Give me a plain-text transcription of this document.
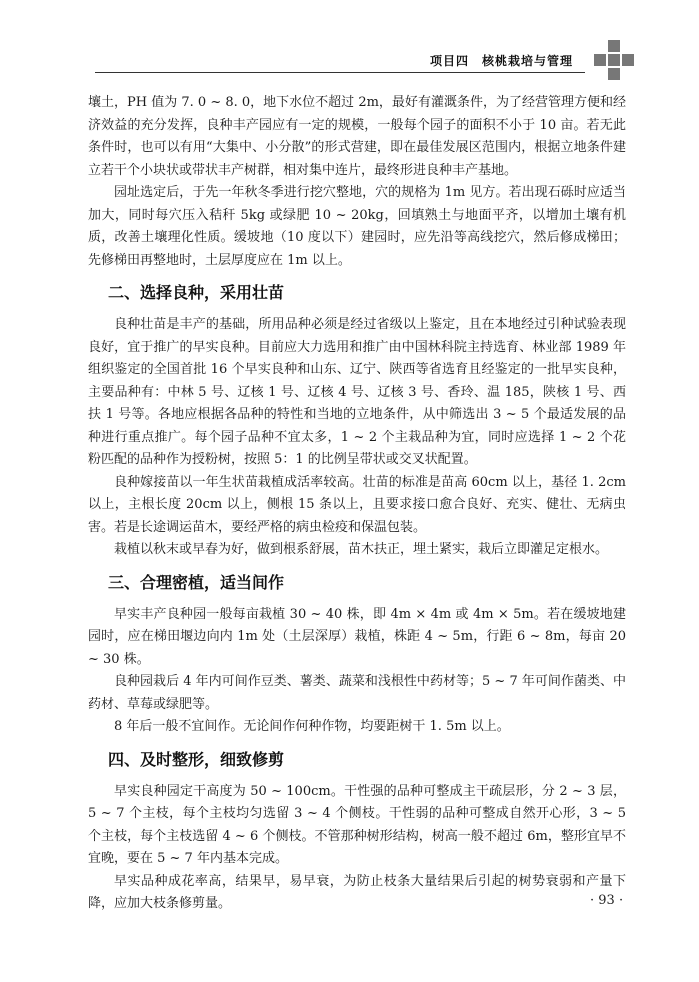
项目四　核桃栽培与管理

壤土，PH 值为 7. 0 ~ 8. 0，地下水位不超过 2m，最好有灌溉条件，为了经营管理方便和经济效益的充分发挥，良种丰产园应有一定的规模，一般每个园子的面积不小于 10 亩。若无此条件时，也可以有用“大集中、小分散”的形式营建，即在最佳发展区范围内，根据立地条件建立若干个小块状或带状丰产树群，相对集中连片，最终形进良种丰产基地。

园址选定后，于先一年秋冬季进行挖穴整地，穴的规格为 1m 见方。若出现石砾时应适当加大，同时每穴压入秸秆 5kg 或绿肥 10 ~ 20kg，回填熟土与地面平齐，以增加土壤有机质，改善土壤理化性质。缓坡地（10 度以下）建园时，应先沿等高线挖穴，然后修成梯田；先修梯田再整地时，土层厚度应在 1m 以上。

二、选择良种，采用壮苗

良种壮苗是丰产的基础，所用品种必须是经过省级以上鉴定，且在本地经过引种试验表现良好，宜于推广的早实良种。目前应大力选用和推广由中国林科院主持选育、林业部 1989 年组织鉴定的全国首批 16 个早实良种和山东、辽宁、陕西等省选育且经鉴定的一批早实良种，主要品种有：中林 5 号、辽核 1 号、辽核 4 号、辽核 3 号、香玲、温 185，陕核 1 号、西扶 1 号等。各地应根据各品种的特性和当地的立地条件，从中筛选出 3 ~ 5 个最适发展的品种进行重点推广。每个园子品种不宜太多，1 ~ 2 个主栽品种为宜，同时应选择 1 ~ 2 个花粉匹配的品种作为授粉树，按照 5：1 的比例呈带状或交叉状配置。

良种嫁接苗以一年生状苗栽植成活率较高。壮苗的标准是苗高 60cm 以上，基径 1. 2cm 以上，主根长度 20cm 以上，侧根 15 条以上，且要求接口愈合良好、充实、健壮、无病虫害。若是长途调运苗木，要经严格的病虫检疫和保温包装。

栽植以秋末或早春为好，做到根系舒展，苗木扶正，埋土紧实，栽后立即灌足定根水。

三、合理密植，适当间作

早实丰产良种园一般每亩栽植 30 ~ 40 株，即 4m × 4m 或 4m × 5m。若在缓坡地建园时，应在梯田堰边向内 1m 处（土层深厚）栽植，株距 4 ~ 5m，行距 6 ~ 8m，每亩 20 ~ 30 株。

良种园栽后 4 年内可间作豆类、薯类、蔬菜和浅根性中药材等；5 ~ 7 年可间作菌类、中药材、草莓或绿肥等。

8 年后一般不宜间作。无论间作何种作物，均要距树干 1. 5m 以上。

四、及时整形，细致修剪

早实良种园定干高度为 50 ~ 100cm。干性强的品种可整成主干疏层形，分 2 ~ 3 层，5 ~ 7 个主枝，每个主枝均匀选留 3 ~ 4 个侧枝。干性弱的品种可整成自然开心形，3 ~ 5 个主枝，每个主枝选留 4 ~ 6 个侧枝。不管那种树形结构，树高一般不超过 6m，整形宜早不宜晚，要在 5 ~ 7 年内基本完成。

早实品种成花率高，结果早，易早衰，为防止枝条大量结果后引起的树势衰弱和产量下降，应加大枝条修剪量。	· 93 ·
